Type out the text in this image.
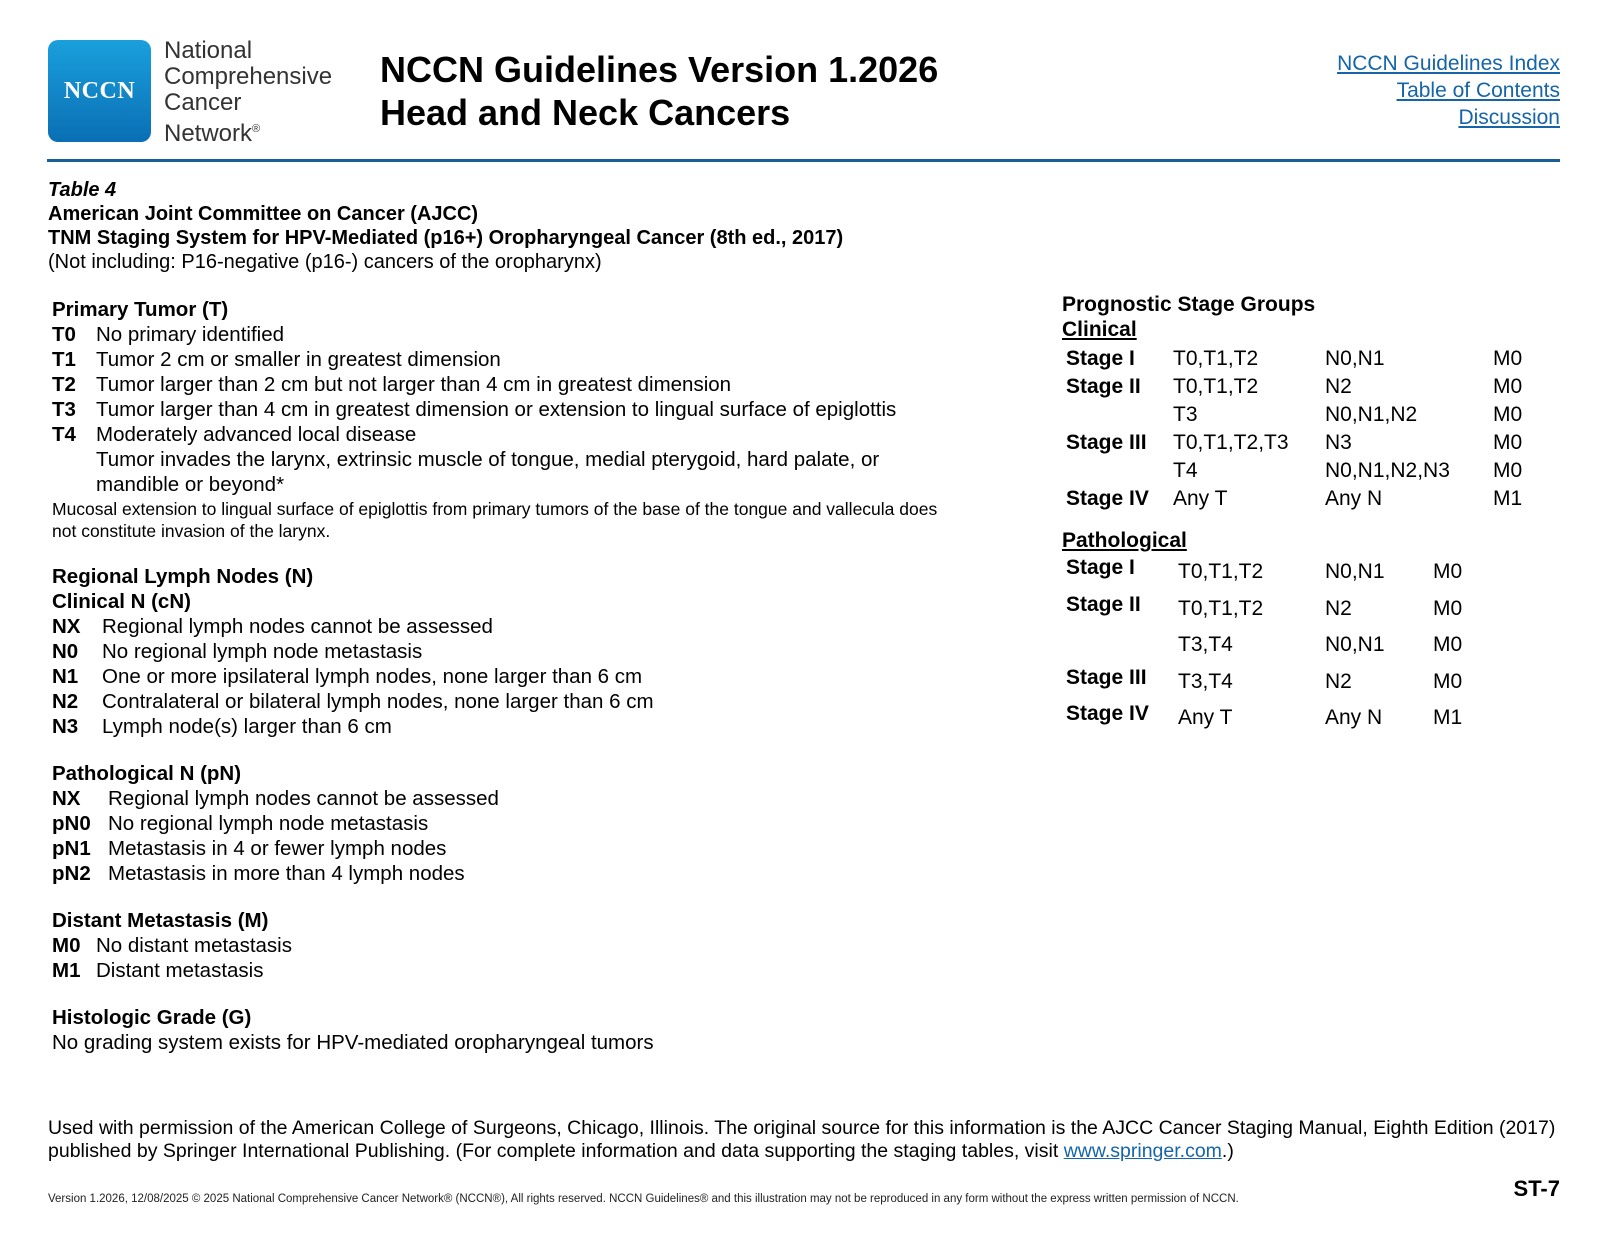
NCCN
National
Comprehensive
Cancer
Network®
NCCN Guidelines Version 1.2026
Head and Neck Cancers
NCCN Guidelines Index
Table of Contents
Discussion
Table 4
American Joint Committee on Cancer (AJCC)
TNM Staging System for HPV-Mediated (p16+) Oropharyngeal Cancer (8th ed., 2017)
(Not including: P16-negative (p16-) cancers of the oropharynx)
Primary Tumor (T)
T0 No primary identified
T1 Tumor 2 cm or smaller in greatest dimension
T2 Tumor larger than 2 cm but not larger than 4 cm in greatest dimension
T3 Tumor larger than 4 cm in greatest dimension or extension to lingual surface of epiglottis
T4 Moderately advanced local disease
Tumor invades the larynx, extrinsic muscle of tongue, medial pterygoid, hard palate, or mandible or beyond*
Mucosal extension to lingual surface of epiglottis from primary tumors of the base of the tongue and vallecula does not constitute invasion of the larynx.
Regional Lymph Nodes (N)
Clinical N (cN)
NX	Regional lymph nodes cannot be assessed
N0	No regional lymph node metastasis
N1	One or more ipsilateral lymph nodes, none larger than 6 cm
N2	Contralateral or bilateral lymph nodes, none larger than 6 cm
N3	Lymph node(s) larger than 6 cm
Pathological N (pN)
NX	Regional lymph nodes cannot be assessed
pN0 No regional lymph node metastasis
pN1 Metastasis in 4 or fewer lymph nodes
pN2 Metastasis in more than 4 lymph nodes
Distant Metastasis (M)
M0 No distant metastasis
M1 Distant metastasis
Histologic Grade (G)
No grading system exists for HPV-mediated oropharyngeal tumors
Prognostic Stage Groups
Clinical
Stage I	T0,T1,T2	N0,N1	M0
Stage II	T0,T1,T2	N2	M0
	T3	N0,N1,N2	M0
Stage III	T0,T1,T2,T3	N3	M0
	T4	N0,N1,N2,N3	M0
Stage IV	Any T	Any N	M1
Pathological
Stage I	T0,T1,T2	N0,N1	M0
Stage II	T0,T1,T2	N2	M0
	T3,T4	N0,N1	M0
Stage III	T3,T4	N2	M0
Stage IV	Any T	Any N	M1
Used with permission of the American College of Surgeons, Chicago, Illinois. The original source for this information is the AJCC Cancer Staging Manual, Eighth Edition (2017) published by Springer International Publishing. (For complete information and data supporting the staging tables, visit www.springer.com.)
Version 1.2026, 12/08/2025 © 2025 National Comprehensive Cancer Network® (NCCN®), All rights reserved. NCCN Guidelines® and this illustration may not be reproduced in any form without the express written permission of NCCN.	ST-7
